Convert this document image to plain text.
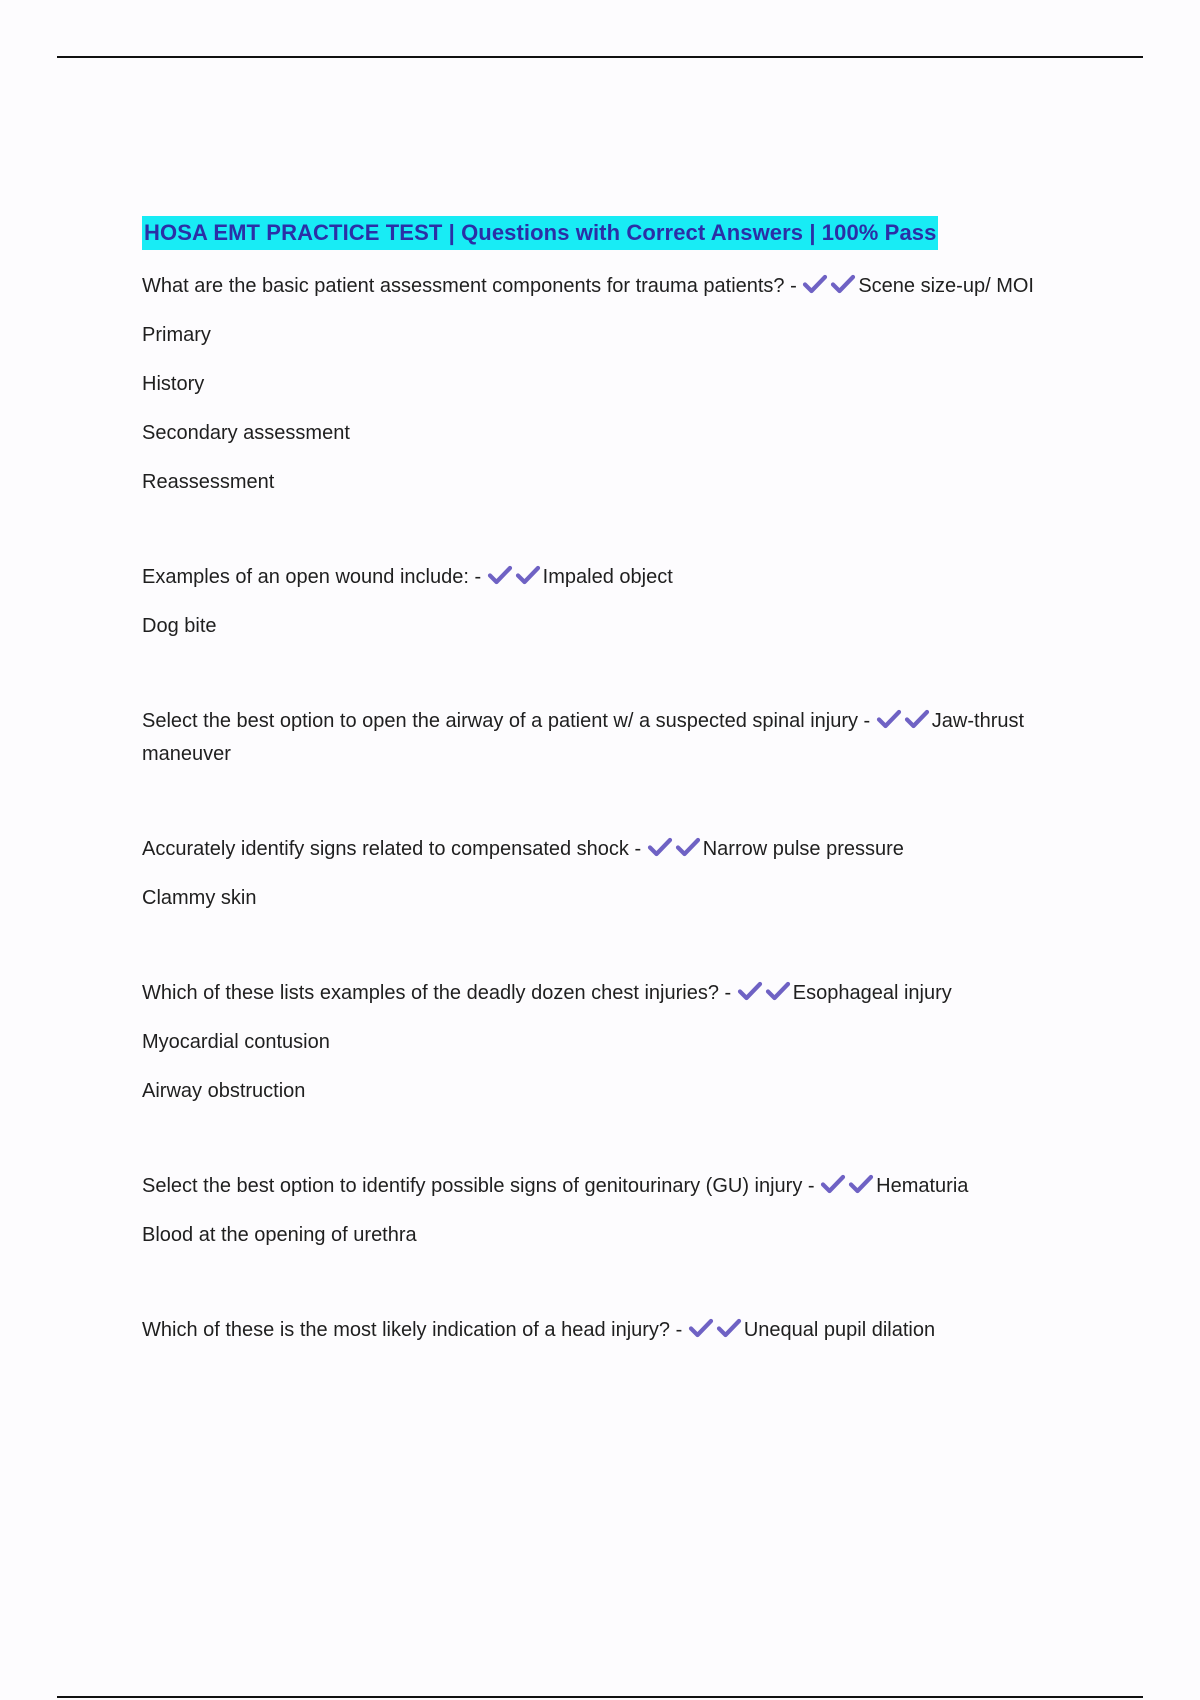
HOSA EMT PRACTICE TEST | Questions with Correct Answers | 100% Pass

What are the basic patient assessment components for trauma patients? -	Scene size-up/ MOI

Primary

History

Secondary assessment

Reassessment

Examples of an open wound include: -	Impaled object

Dog bite

Select the best option to open the airway of a patient w/ a suspected spinal injury -	Jaw-thrust maneuver

Accurately identify signs related to compensated shock -	Narrow pulse pressure

Clammy skin

Which of these lists examples of the deadly dozen chest injuries? -	Esophageal injury

Myocardial contusion

Airway obstruction

Select the best option to identify possible signs of genitourinary (GU) injury -	Hematuria

Blood at the opening of urethra

Which of these is the most likely indication of a head injury? -	Unequal pupil dilation
